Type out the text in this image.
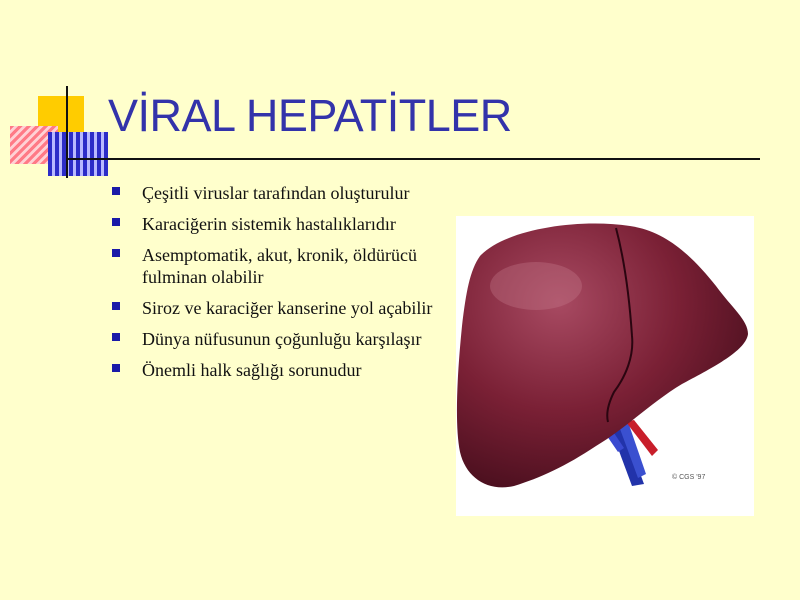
VİRAL HEPATİTLER
Çeşitli viruslar tarafından oluşturulur
Karaciğerin sistemik hastalıklarıdır
Asemptomatik, akut, kronik, öldürücü fulminan olabilir
Siroz ve karaciğer kanserine yol açabilir
Dünya nüfusunun çoğunluğu karşılaşır
Önemli halk sağlığı sorunudur
© CGS '97
